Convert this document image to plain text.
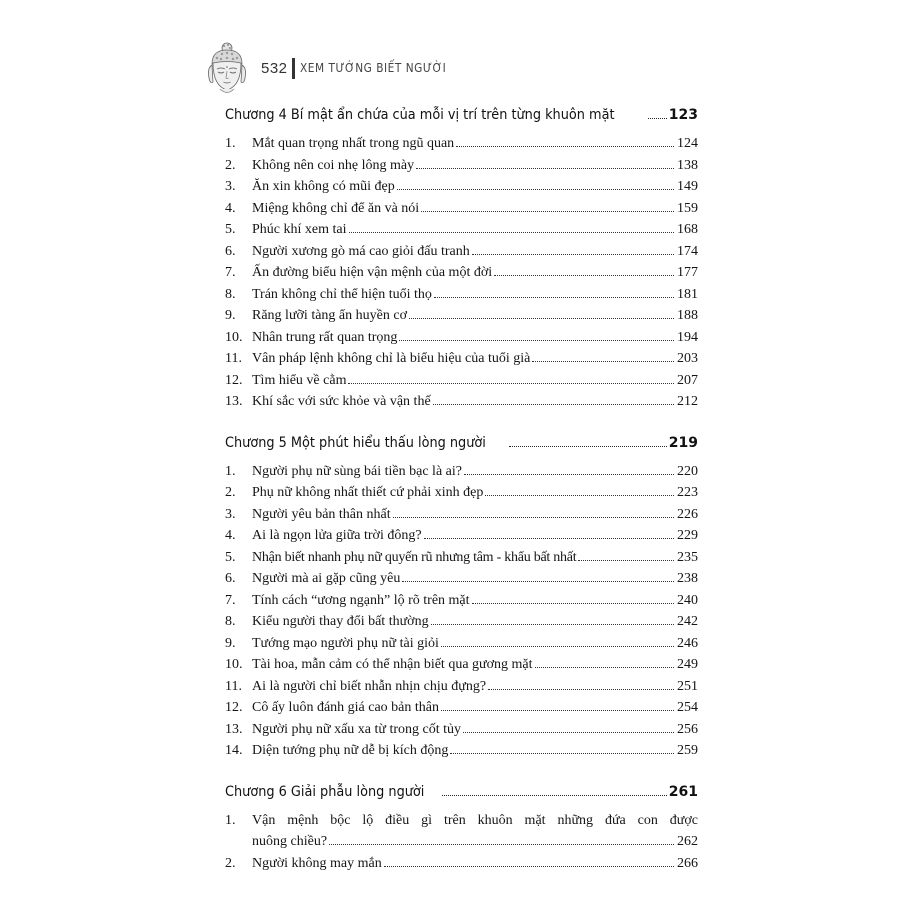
532 XEM TƯỚNG BIẾT NGƯỜI
Chương 4 Bí mật ẩn chứa của mỗi vị trí trên từng khuôn mặt	123
1.	Mắt quan trọng nhất trong ngũ quan	124
2.	Không nên coi nhẹ lông mày	138
3.	Ăn xin không có mũi đẹp	149
4.	Miệng không chỉ để ăn và nói	159
5.	Phúc khí xem tai	168
6.	Người xương gò má cao giỏi đấu tranh	174
7.	Ấn đường biểu hiện vận mệnh của một đời	177
8.	Trán không chỉ thể hiện tuổi thọ	181
9.	Răng lưỡi tàng ẩn huyền cơ	188
10. Nhân trung rất quan trọng	194
11. Vân pháp lệnh không chỉ là biểu hiệu của tuổi già	203
12. Tìm hiểu về cằm	207
13. Khí sắc với sức khỏe và vận thế	212
Chương 5 Một phút hiểu thấu lòng người	219
1.	Người phụ nữ sùng bái tiền bạc là ai?	220
2.	Phụ nữ không nhất thiết cứ phải xinh đẹp	223
3.	Người yêu bản thân nhất	226
4.	Ai là ngọn lửa giữa trời đông?	229
5.	Nhận biết nhanh phụ nữ quyến rũ nhưng tâm - khẩu bất nhất	235
6.	Người mà ai gặp cũng yêu	238
7.	Tính cách “ương ngạnh” lộ rõ trên mặt	240
8.	Kiểu người thay đổi bất thường	242
9.	Tướng mạo người phụ nữ tài giỏi	246
10. Tài hoa, mẫn cảm có thể nhận biết qua gương mặt	249
11. Ai là người chỉ biết nhẫn nhịn chịu đựng?	251
12. Cô ấy luôn đánh giá cao bản thân	254
13. Người phụ nữ xấu xa từ trong cốt tủy	256
14. Diện tướng phụ nữ dễ bị kích động	259
Chương 6 Giải phẫu lòng người	261
1.	Vận mệnh bộc lộ điều gì trên khuôn mặt những đứa con được
nuông chiều?	262
2.	Người không may mắn	266
